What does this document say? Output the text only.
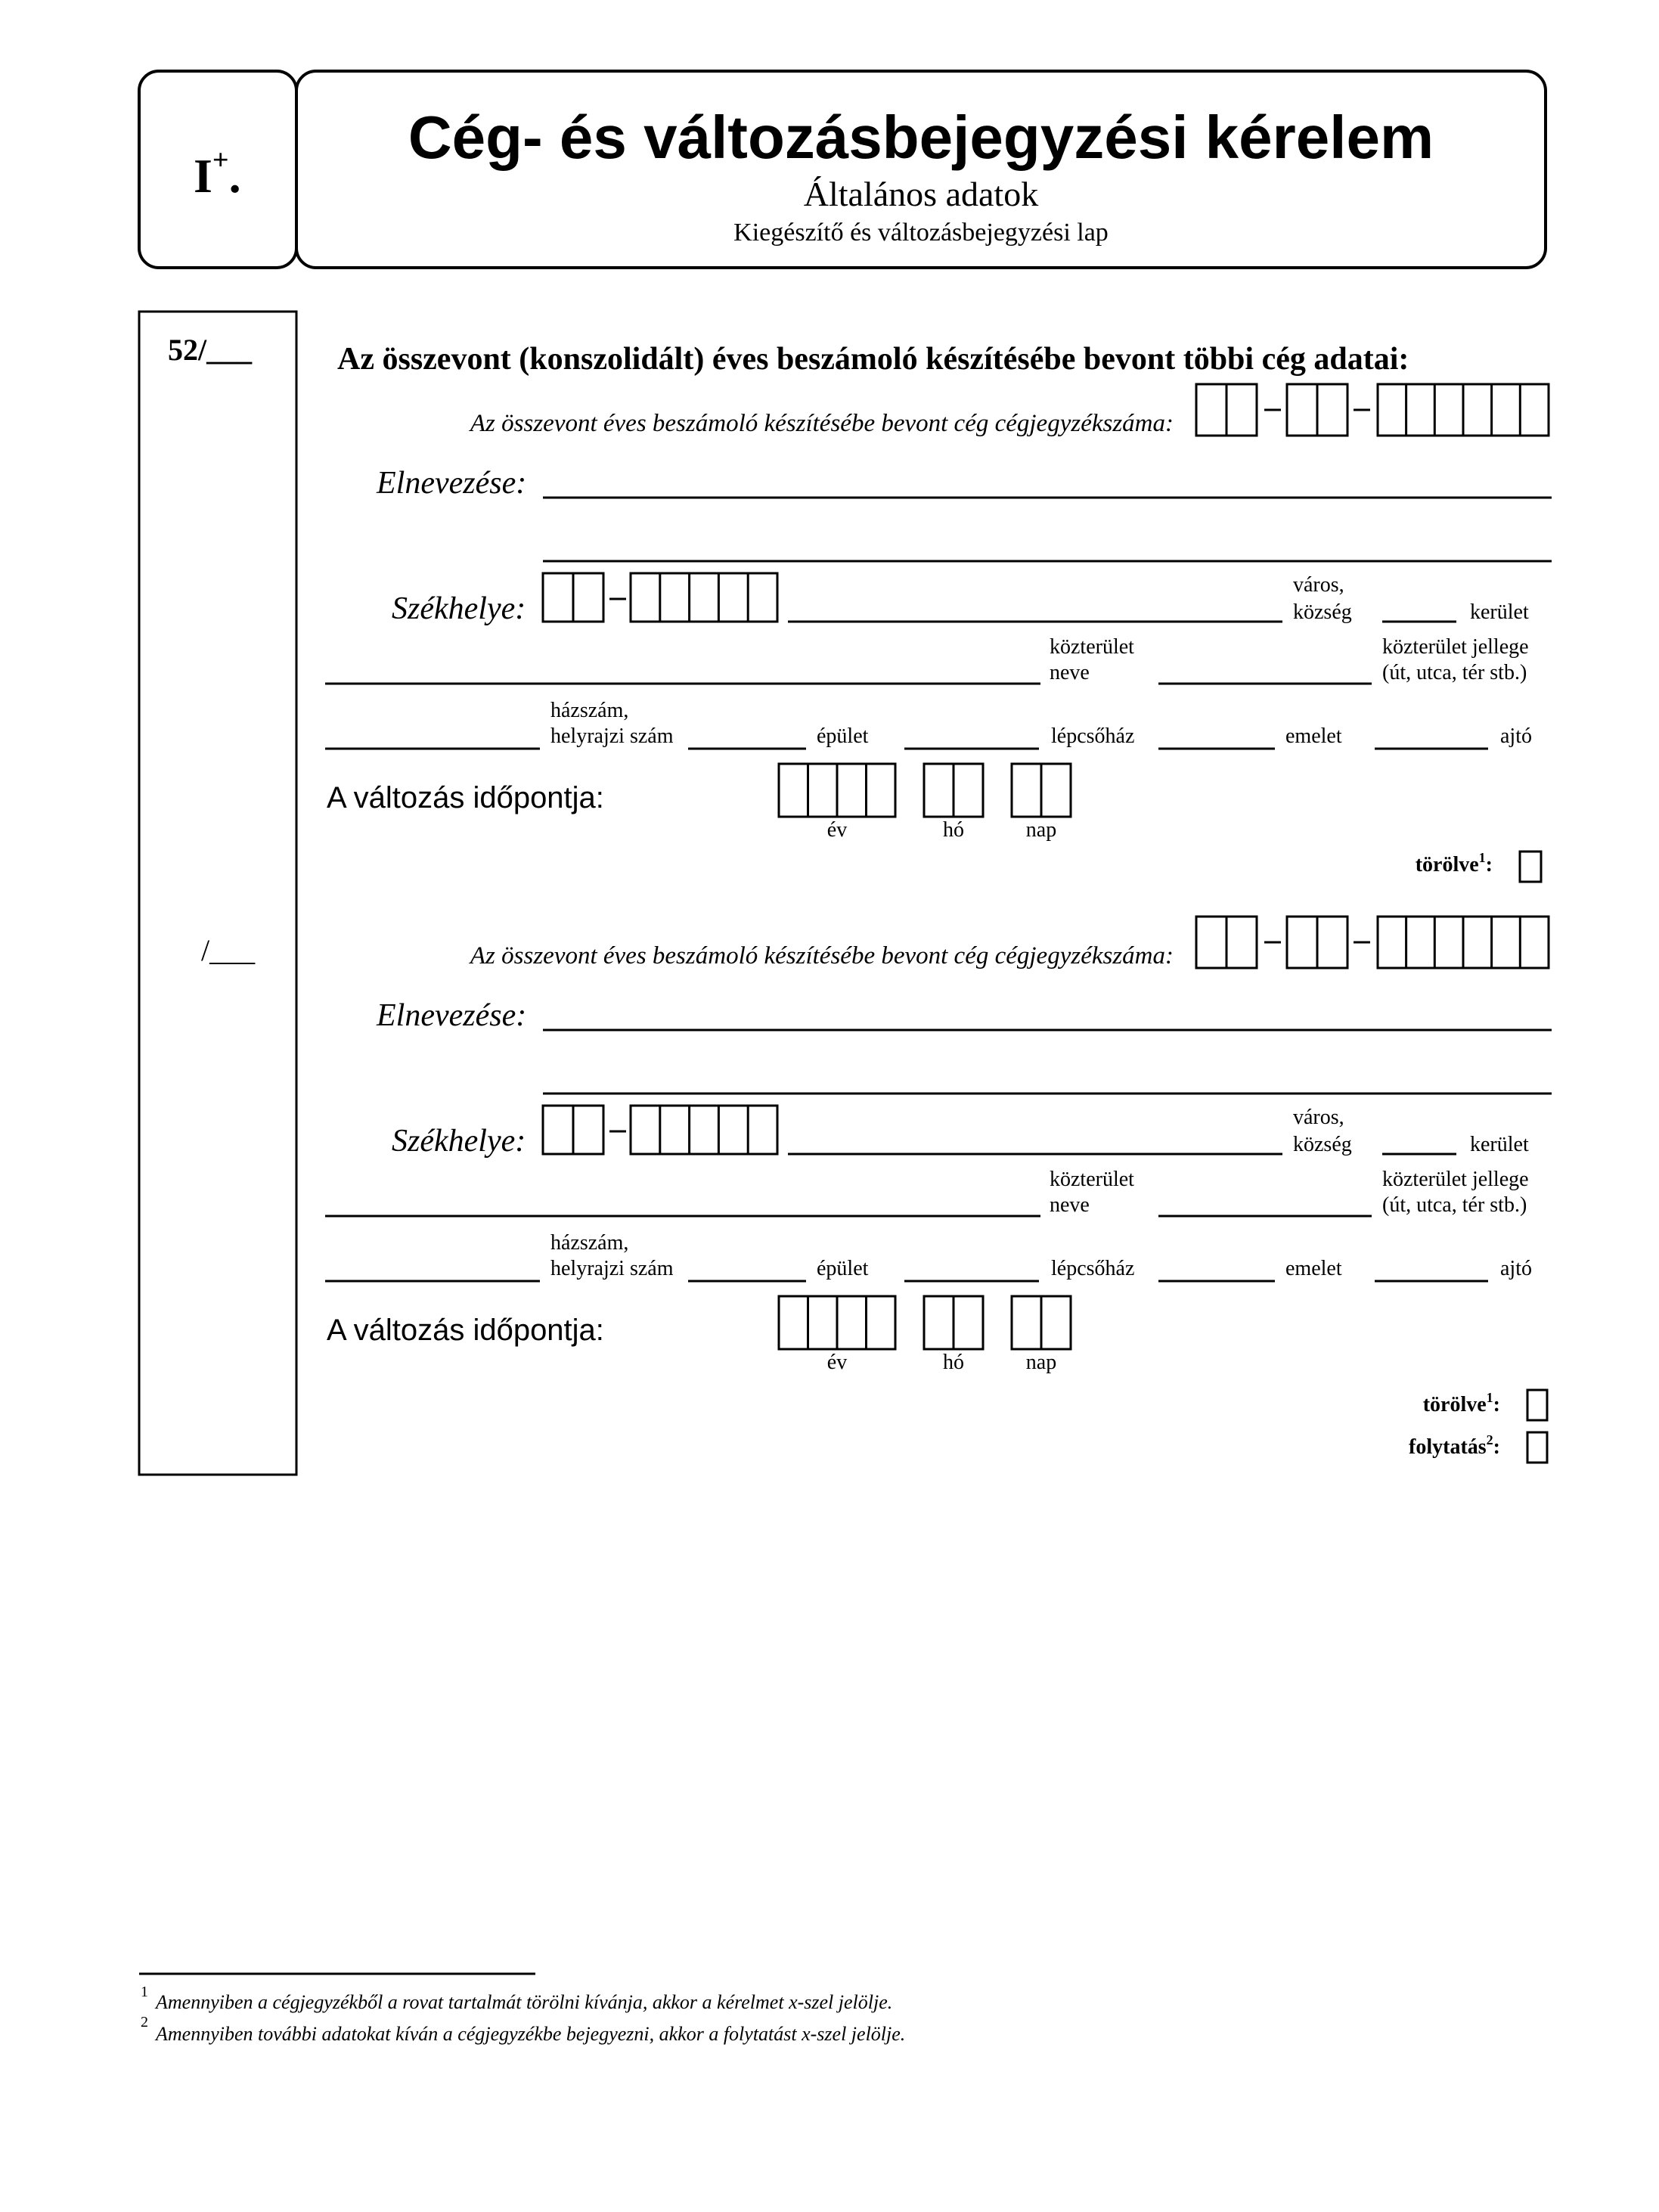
I+.
Cég- és változásbejegyzési kérelem
Általános adatok
Kiegészítő és változásbejegyzési lap
52/___	Az összevont (konszolidált) éves beszámoló készítésébe bevont többi cég adatai:
Az összevont éves beszámoló készítésébe bevont cég cégjegyzékszáma:
Elnevezése:
Székhelye:
város,
község	kerület
közterület
neve
közterület jellege
(út, utca, tér stb.)
házszám,
helyrajzi szám	épület	lépcsőház	emelet	ajtó
A változás időpontja:
év	hó	nap
törölve$^1$:
/___	Az összevont éves beszámoló készítésébe bevont cég cégjegyzékszáma:
Elnevezése:
Székhelye:
város,
község	kerület
közterület
neve
közterület jellege
(út, utca, tér stb.)
házszám,
helyrajzi szám	épület	lépcsőház	emelet	ajtó
A változás időpontja:
év	hó	nap
törölve$^1$:
folytatás$^2$:
1 Amennyiben a cégjegyzékből a rovat tartalmát törölni kívánja, akkor a kérelmet x-szel jelölje.
2
Amennyiben további adatokat kíván a cégjegyzékbe bejegyezni, akkor a folytatást x-szel jelölje.
